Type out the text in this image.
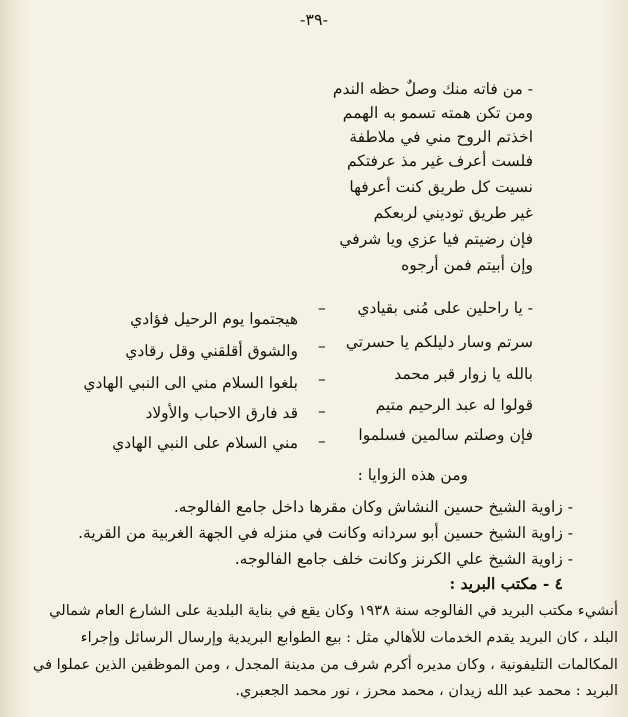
-٣٩-
- من فاته منك وصلٌ حظه الندم
ومن تكن همته تسمو به الهمم
اخذتم الروح مني في ملاطفة
فلست أعرف غير مذ عرفتكم
نسيت كل طريق كنت أعرفها
غير طريق توديني لربعكم
فإن رضيتم فيا عزي ويا شرفي
وإن أبيتم فمن أرجوه
- يا راحلين على مُنى بقيادي
–
هيجتموا يوم الرحيل فؤادي
سرتم وسار دليلكم يا حسرتي
–
والشوق أقلقني وقل رقادي
بالله يا زوار قبر محمد
–
بلغوا السلام مني الى النبي الهادي
قولوا له عبد الرحيم متيم
–
قد فارق الاحباب والأولاد
فإن وصلتم سالمين فسلموا
–
مني السلام على النبي الهادي
ومن هذه الزوايا :
- زاوية الشيخ حسين النشاش وكان مقرها داخل جامع الفالوجه.
- زاوية الشيخ حسين أبو سردانه وكانت في منزله في الجهة الغربية من القرية.
- زاوية الشيخ علي الكرنز وكانت خلف جامع الفالوجه.
٤ - مكتب البريد :
أنشيء مكتب البريد في الفالوجه سنة ١٩٣٨ وكان يقع في بناية البلدية على الشارع العام شمالي
البلد ، كان البريد يقدم الخدمات للأهالي مثل : بيع الطوابع البريدية وإرسال الرسائل وإجراء
المكالمات التليفونية ، وكان مديره أكرم شرف من مدينة المجدل ، ومن الموظفين الذين عملوا في
البريد : محمد عبد الله زيدان ، محمد محرز ، نور محمد الجعبري.
